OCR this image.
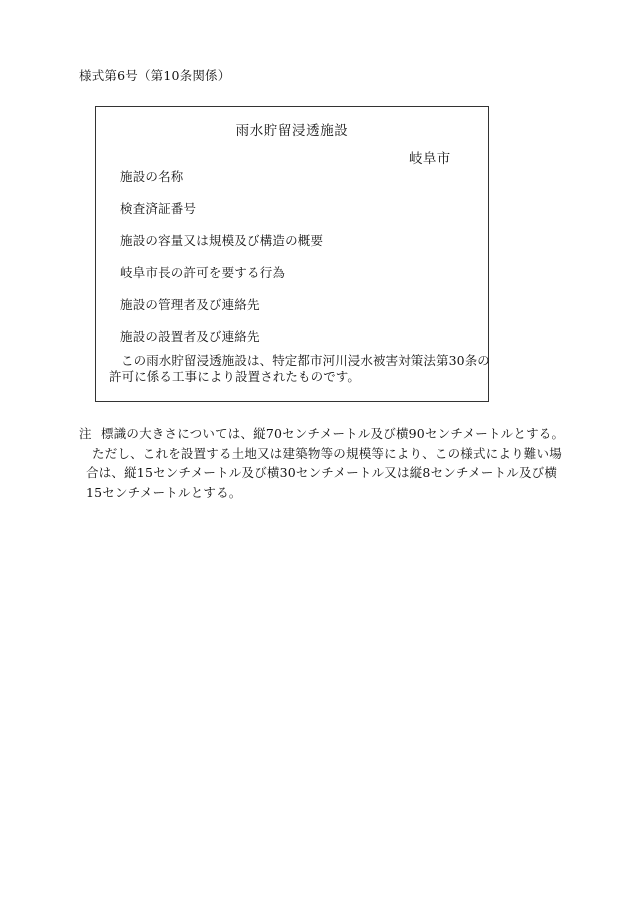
様式第6号（第10条関係）
雨水貯留浸透施設
岐阜市
施設の名称
検査済証番号
施設の容量又は規模及び構造の概要
岐阜市長の許可を要する行為
施設の管理者及び連絡先
施設の設置者及び連絡先
この雨水貯留浸透施設は、特定都市河川浸水被害対策法第30条の
許可に係る工事により設置されたものです。
注 標識の大きさについては、縦70センチメートル及び横90センチメートルとする。
ただし、これを設置する土地又は建築物等の規模等により、この様式により難い場
合は、縦15センチメートル及び横30センチメートル又は縦8センチメートル及び横
15センチメートルとする。
